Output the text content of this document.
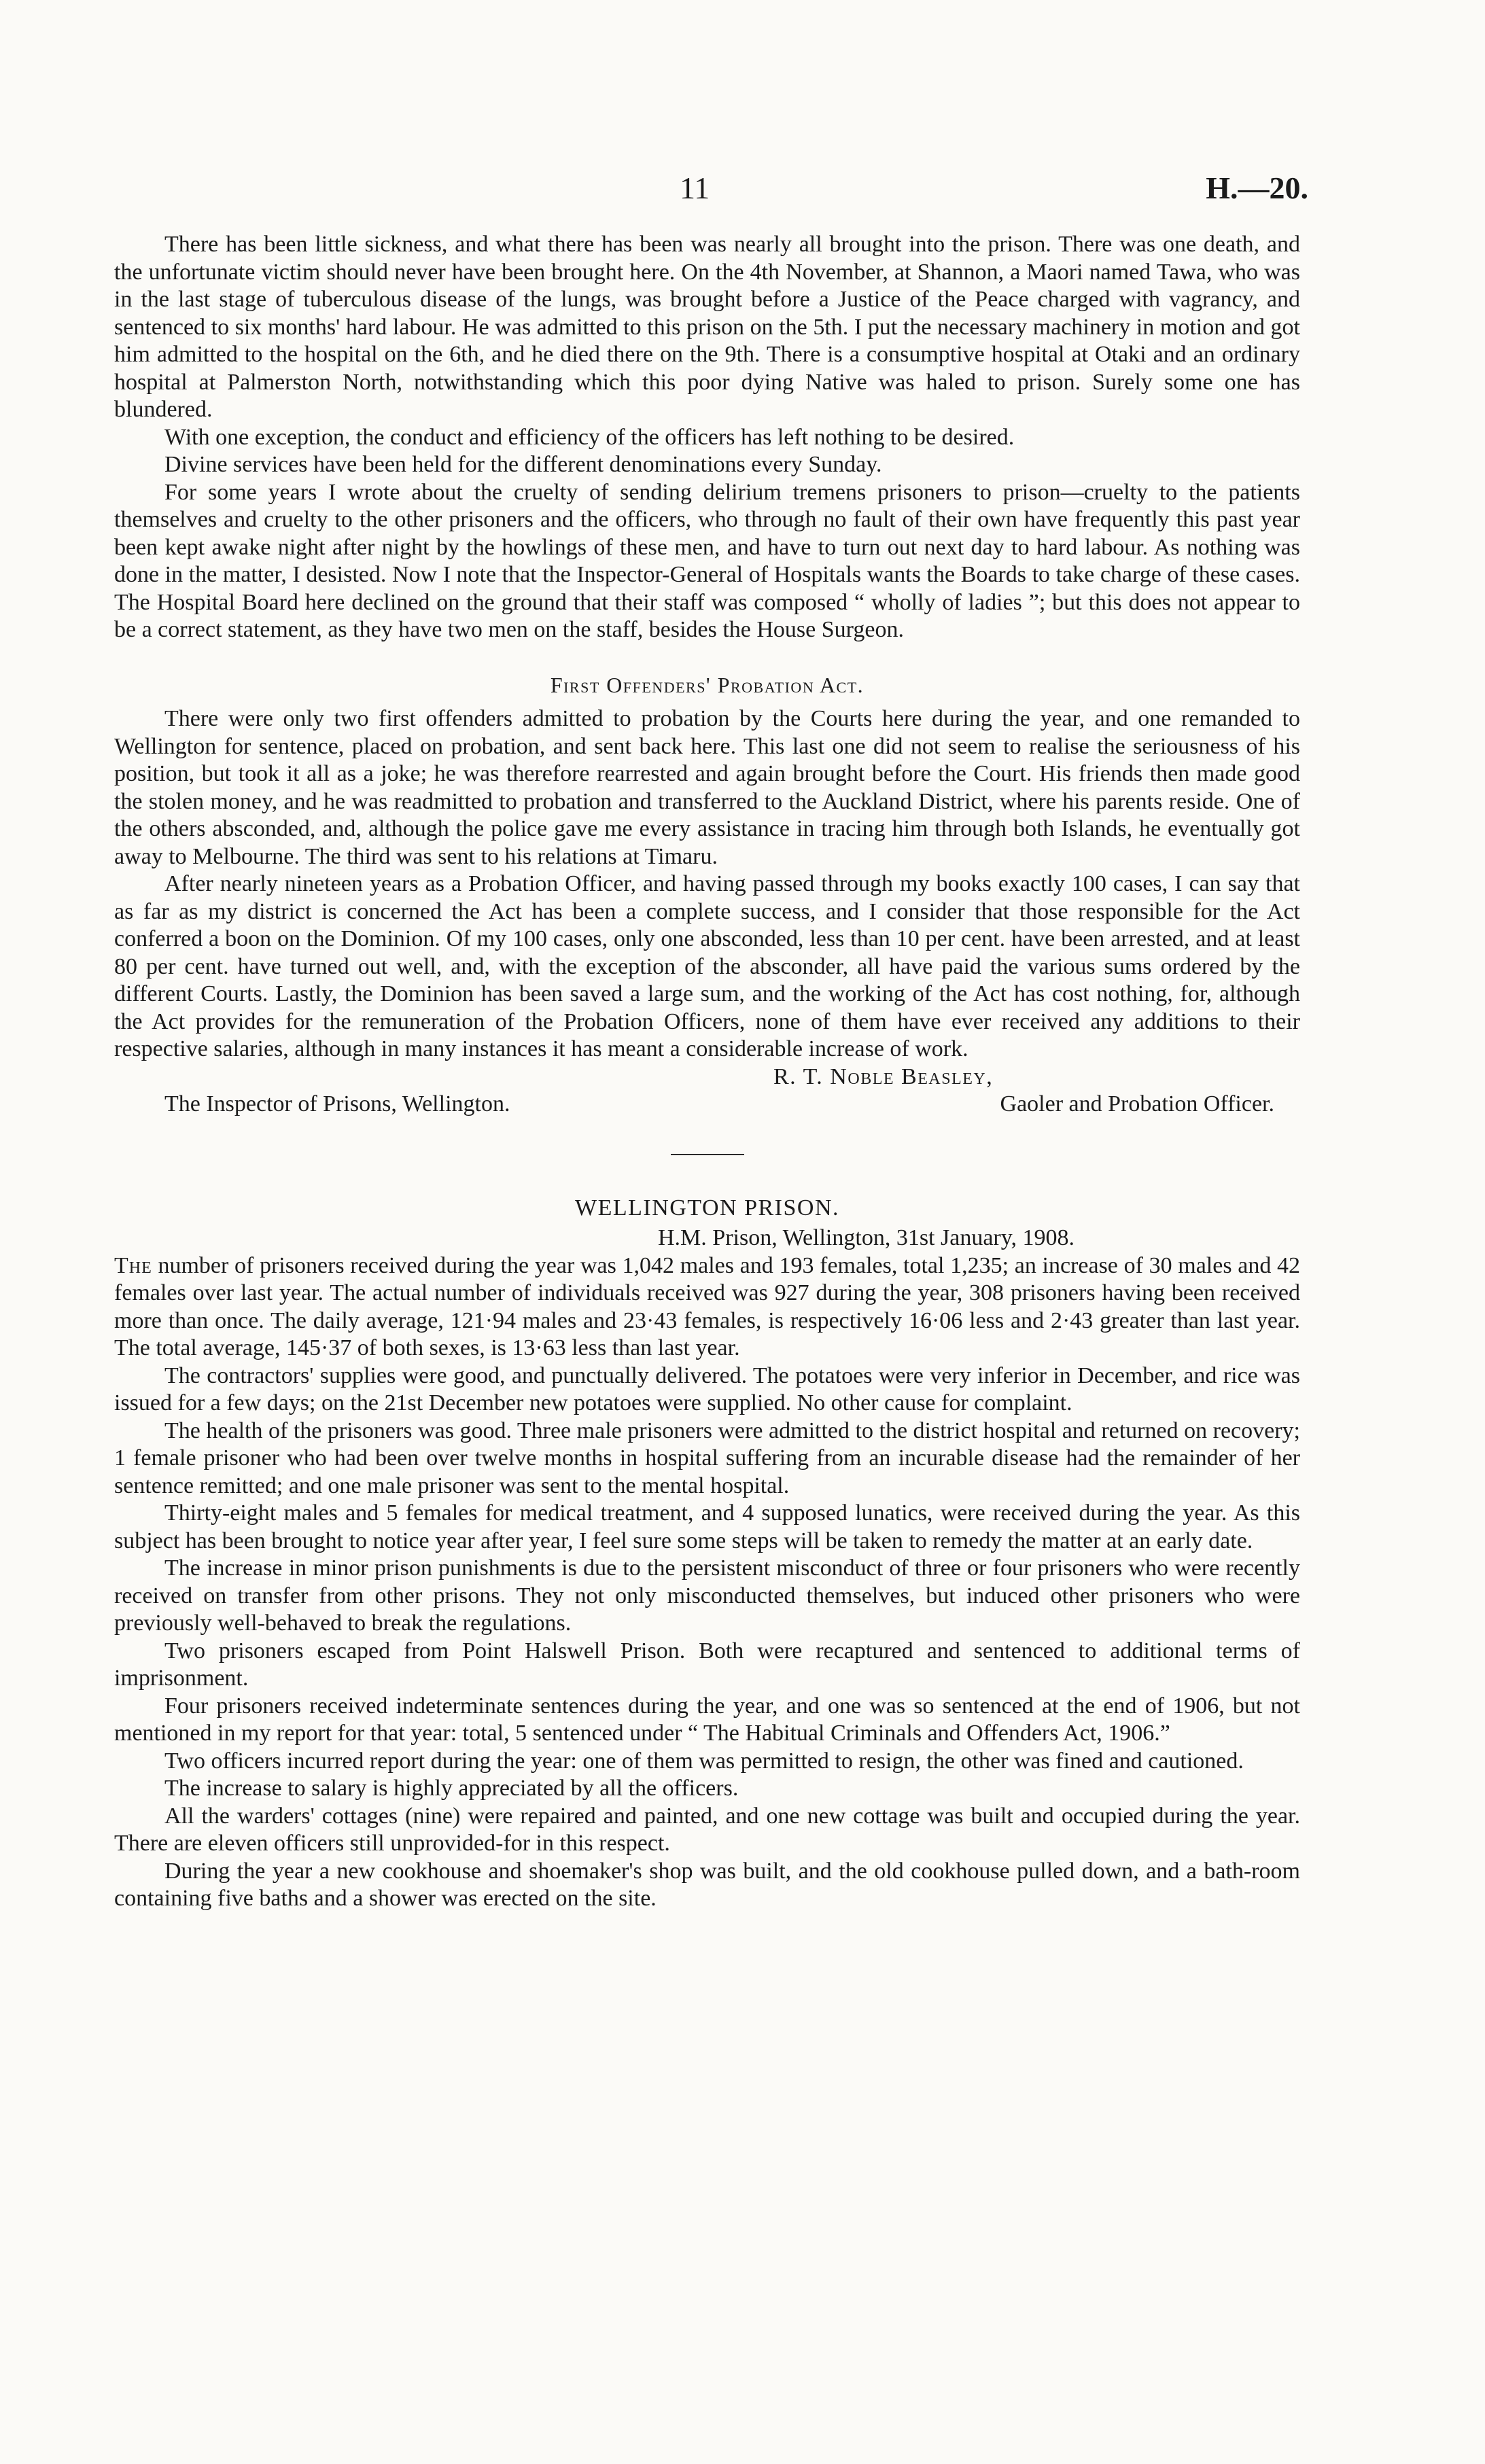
11	H.—20.

There has been little sickness, and what there has been was nearly all brought into the prison. There was one death, and the unfortunate victim should never have been brought here. On the 4th November, at Shannon, a Maori named Tawa, who was in the last stage of tuberculous disease of the lungs, was brought before a Justice of the Peace charged with vagrancy, and sentenced to six months' hard labour. He was admitted to this prison on the 5th. I put the necessary machinery in motion and got him admitted to the hospital on the 6th, and he died there on the 9th. There is a consumptive hospital at Otaki and an ordinary hospital at Palmerston North, notwithstanding which this poor dying Native was haled to prison. Surely some one has blundered.

With one exception, the conduct and efficiency of the officers has left nothing to be desired.

Divine services have been held for the different denominations every Sunday.

For some years I wrote about the cruelty of sending delirium tremens prisoners to prison—cruelty to the patients themselves and cruelty to the other prisoners and the officers, who through no fault of their own have frequently this past year been kept awake night after night by the howlings of these men, and have to turn out next day to hard labour. As nothing was done in the matter, I desisted. Now I note that the Inspector-General of Hospitals wants the Boards to take charge of these cases. The Hospital Board here declined on the ground that their staff was composed “ wholly of ladies ”; but this does not appear to be a correct statement, as they have two men on the staff, besides the House Surgeon.

First Offenders' Probation Act.

There were only two first offenders admitted to probation by the Courts here during the year, and one remanded to Wellington for sentence, placed on probation, and sent back here. This last one did not seem to realise the seriousness of his position, but took it all as a joke; he was therefore rearrested and again brought before the Court. His friends then made good the stolen money, and he was readmitted to probation and transferred to the Auckland District, where his parents reside. One of the others absconded, and, although the police gave me every assistance in tracing him through both Islands, he eventually got away to Melbourne. The third was sent to his relations at Timaru.

After nearly nineteen years as a Probation Officer, and having passed through my books exactly 100 cases, I can say that as far as my district is concerned the Act has been a complete success, and I consider that those responsible for the Act conferred a boon on the Dominion. Of my 100 cases, only one absconded, less than 10 per cent. have been arrested, and at least 80 per cent. have turned out well, and, with the exception of the absconder, all have paid the various sums ordered by the different Courts. Lastly, the Dominion has been saved a large sum, and the working of the Act has cost nothing, for, although the Act provides for the remuneration of the Probation Officers, none of them have ever received any additions to their respective salaries, although in many instances it has meant a considerable increase of work.

R. T. Noble Beasley,

The Inspector of Prisons, Wellington.	Gaoler and Probation Officer.

WELLINGTON PRISON.

H.M. Prison, Wellington, 31st January, 1908.

The number of prisoners received during the year was 1,042 males and 193 females, total 1,235; an increase of 30 males and 42 females over last year. The actual number of individuals received was 927 during the year, 308 prisoners having been received more than once. The daily average, 121·94 males and 23·43 females, is respectively 16·06 less and 2·43 greater than last year. The total average, 145·37 of both sexes, is 13·63 less than last year.

The contractors' supplies were good, and punctually delivered. The potatoes were very inferior in December, and rice was issued for a few days; on the 21st December new potatoes were supplied. No other cause for complaint.

The health of the prisoners was good. Three male prisoners were admitted to the district hospital and returned on recovery; 1 female prisoner who had been over twelve months in hospital suffering from an incurable disease had the remainder of her sentence remitted; and one male prisoner was sent to the mental hospital.

Thirty-eight males and 5 females for medical treatment, and 4 supposed lunatics, were received during the year. As this subject has been brought to notice year after year, I feel sure some steps will be taken to remedy the matter at an early date.

The increase in minor prison punishments is due to the persistent misconduct of three or four prisoners who were recently received on transfer from other prisons. They not only misconducted themselves, but induced other prisoners who were previously well-behaved to break the regulations.

Two prisoners escaped from Point Halswell Prison. Both were recaptured and sentenced to additional terms of imprisonment.

Four prisoners received indeterminate sentences during the year, and one was so sentenced at the end of 1906, but not mentioned in my report for that year: total, 5 sentenced under “ The Habitual Criminals and Offenders Act, 1906.”

Two officers incurred report during the year: one of them was permitted to resign, the other was fined and cautioned.

The increase to salary is highly appreciated by all the officers.

All the warders' cottages (nine) were repaired and painted, and one new cottage was built and occupied during the year. There are eleven officers still unprovided-for in this respect.

During the year a new cookhouse and shoemaker's shop was built, and the old cookhouse pulled down, and a bath-room containing five baths and a shower was erected on the site.
